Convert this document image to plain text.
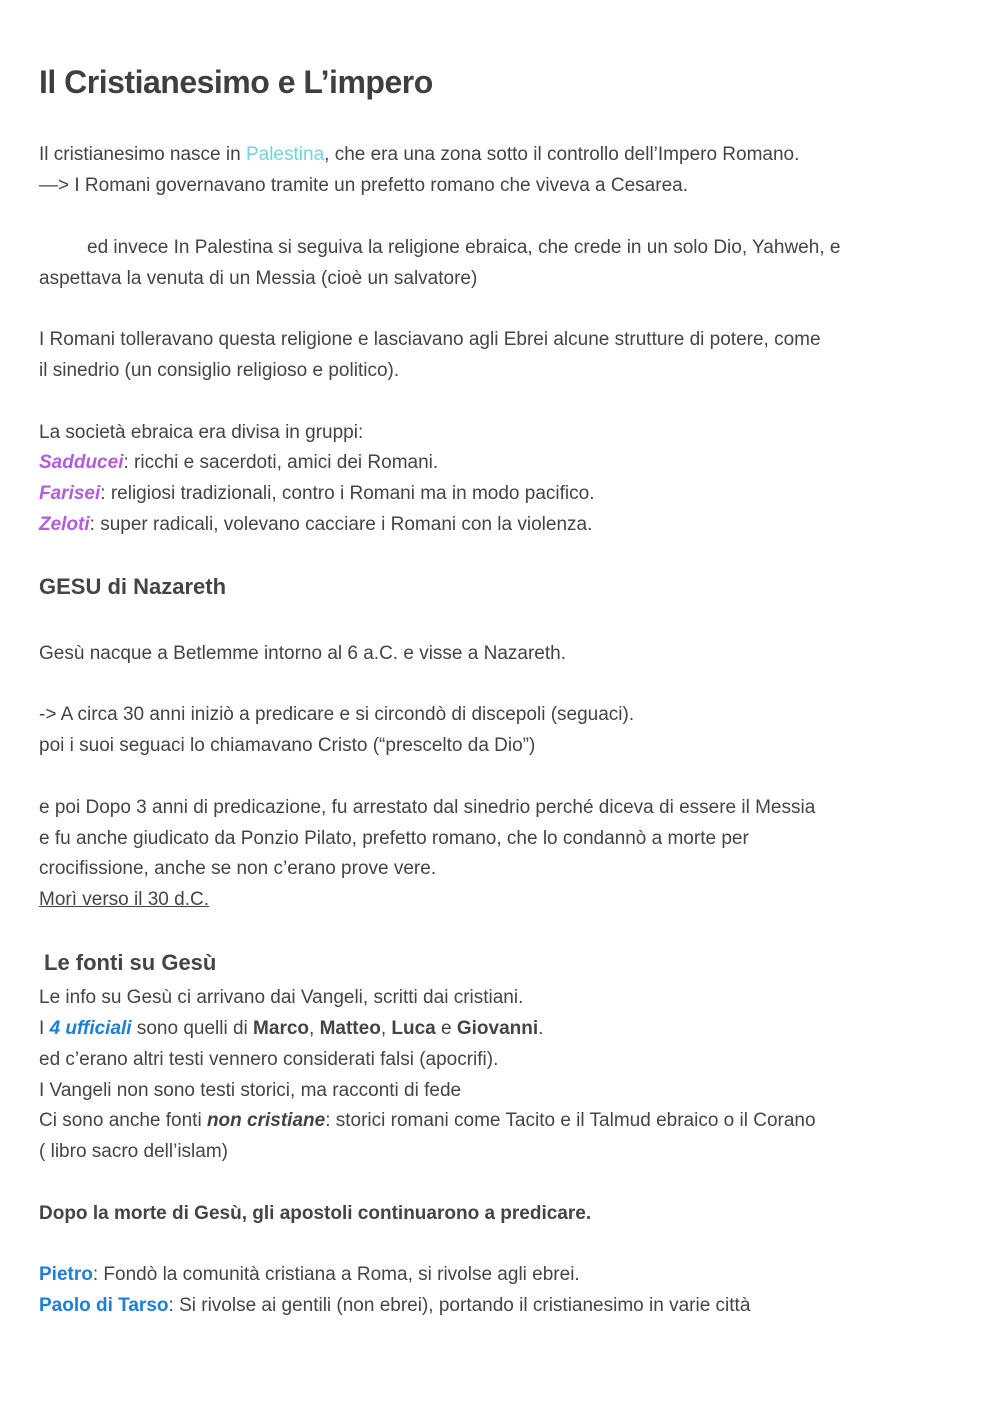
Il Cristianesimo e L’impero
Il cristianesimo nasce in Palestina, che era una zona sotto il controllo dell’Impero Romano.
—> I Romani governavano tramite un prefetto romano che viveva a Cesarea.
ed invece In Palestina si seguiva la religione ebraica, che crede in un solo Dio, Yahweh, e
aspettava la venuta di un Messia (cioè un salvatore)
I Romani tolleravano questa religione e lasciavano agli Ebrei alcune strutture di potere, come
il sinedrio (un consiglio religioso e politico).
La società ebraica era divisa in gruppi:
Sadducei: ricchi e sacerdoti, amici dei Romani.
Farisei: religiosi tradizionali, contro i Romani ma in modo pacifico.
Zeloti: super radicali, volevano cacciare i Romani con la violenza.
GESU di Nazareth
Gesù nacque a Betlemme intorno al 6 a.C. e visse a Nazareth.
-> A circa 30 anni iniziò a predicare e si circondò di discepoli (seguaci).
poi i suoi seguaci lo chiamavano Cristo (“prescelto da Dio”)
e poi Dopo 3 anni di predicazione, fu arrestato dal sinedrio perché diceva di essere il Messia
e fu anche giudicato da Ponzio Pilato, prefetto romano, che lo condannò a morte per
crocifissione, anche se non c’erano prove vere.
Morì verso il 30 d.C.
Le fonti su Gesù
Le info su Gesù ci arrivano dai Vangeli, scritti dai cristiani.
I 4 ufficiali sono quelli di Marco, Matteo, Luca e Giovanni.
ed c’erano altri testi vennero considerati falsi (apocrifi).
I Vangeli non sono testi storici, ma racconti di fede
Ci sono anche fonti non cristiane: storici romani come Tacito e il Talmud ebraico o il Corano
( libro sacro dell’islam)
Dopo la morte di Gesù, gli apostoli continuarono a predicare.
Pietro: Fondò la comunità cristiana a Roma, si rivolse agli ebrei.
Paolo di Tarso: Si rivolse ai gentili (non ebrei), portando il cristianesimo in varie città
